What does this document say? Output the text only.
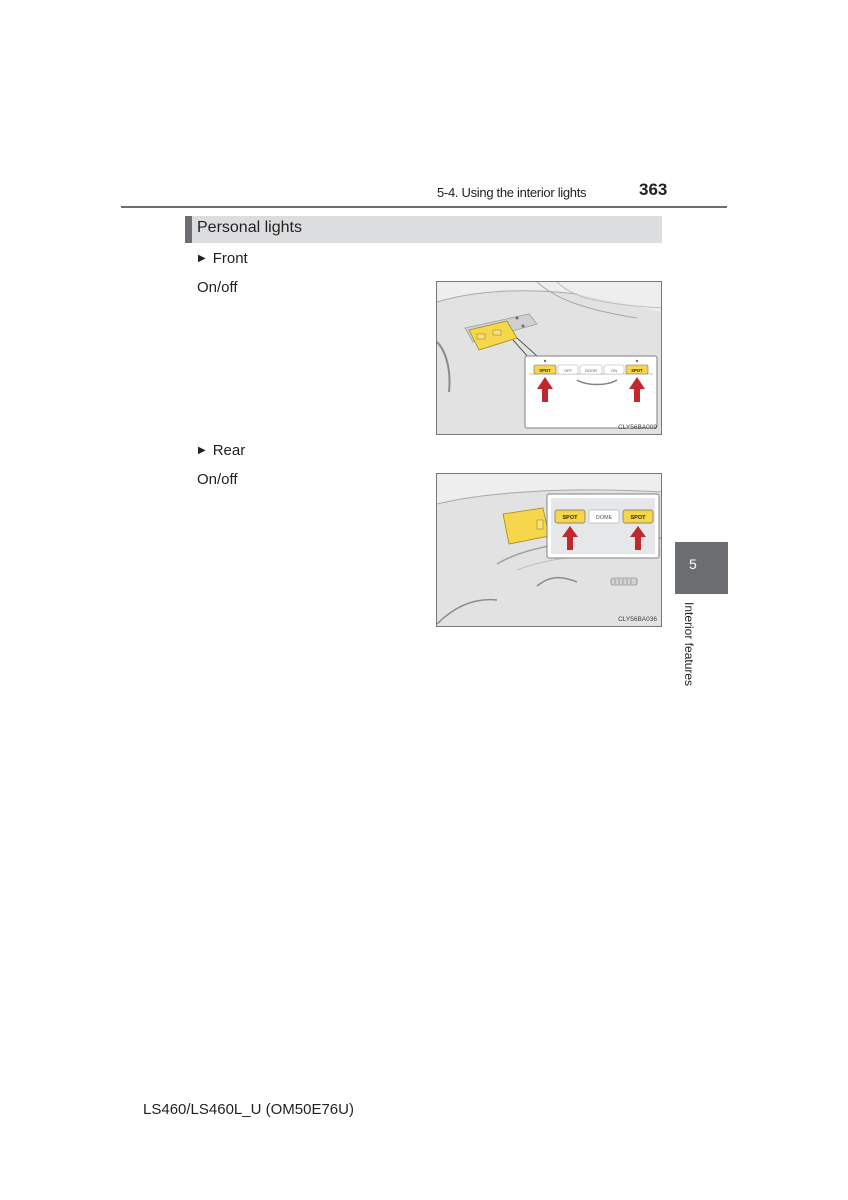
5-4. Using the interior lights	363
Personal lights
▶ Front
On/off
SPOT	OFF	DOOR	ON	SPOT
CLY56BA009
▶ Rear
On/off
SPOT	DOME	SPOT
CLY56BA036
5
Interior features
LS460/LS460L_U (OM50E76U)
